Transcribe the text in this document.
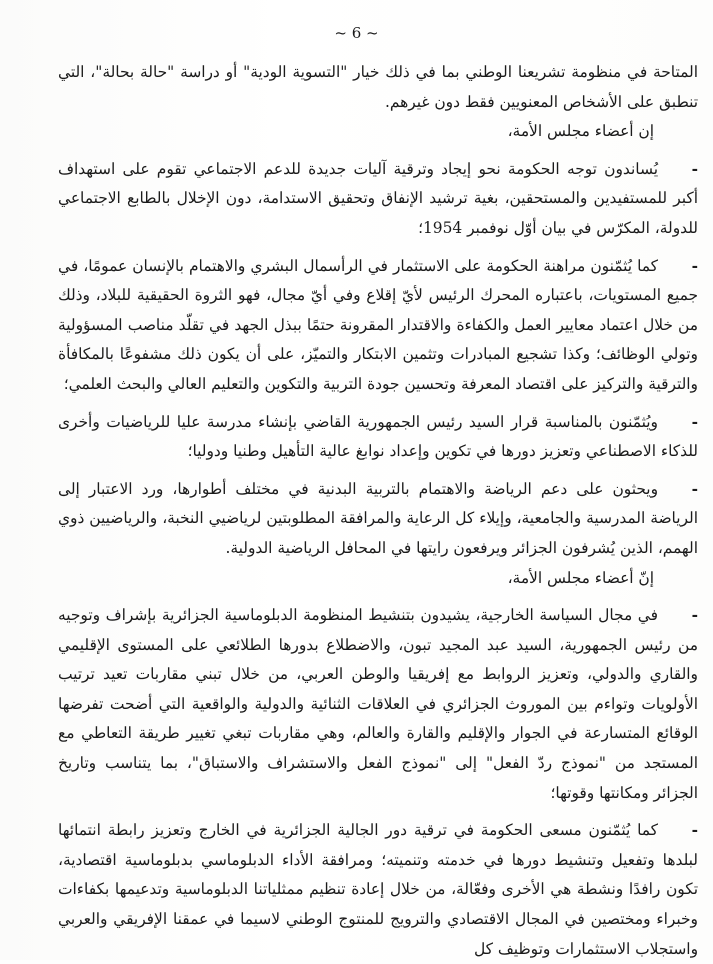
~ 6 ~

المتاحة في منظومة تشريعنا الوطني بما في ذلك خيار "التسوية الودية" أو دراسة "حالة بحالة"، التي تنطبق على الأشخاص المعنويين فقط دون غيرهم.

إن أعضاء مجلس الأمة،

-يُساندون توجه الحكومة نحو إيجاد وترقية آليات جديدة للدعم الاجتماعي تقوم على استهداف أكبر للمستفيدين والمستحقين، بغية ترشيد الإنفاق وتحقيق الاستدامة، دون الإخلال بالطابع الاجتماعي للدولة، المكرّس في بيان أوّل نوفمبر 1954؛

-كما يُثمّنون مراهنة الحكومة على الاستثمار في الرأسمال البشري والاهتمام بالإنسان عمومًا، في جميع المستويات، باعتباره المحرك الرئيس لأيّ إقلاع وفي أيّ مجال، فهو الثروة الحقيقية للبلاد، وذلك من خلال اعتماد معايير العمل والكفاءة والاقتدار المقرونة حتمًا ببذل الجهد في تقلّد مناصب المسؤولية وتولي الوظائف؛ وكذا تشجيع المبادرات وتثمين الابتكار والتميّز، على أن يكون ذلك مشفوعًا بالمكافأة والترقية والتركيز على اقتصاد المعرفة وتحسين جودة التربية والتكوين والتعليم العالي والبحث العلمي؛

-ويُثمّنون بالمناسبة قرار السيد رئيس الجمهورية القاضي بإنشاء مدرسة عليا للرياضيات وأخرى للذكاء الاصطناعي وتعزيز دورها في تكوين وإعداد نوابغ عالية التأهيل وطنيا ودوليا؛

-ويحثون على دعم الرياضة والاهتمام بالتربية البدنية في مختلف أطوارها، ورد الاعتبار إلى الرياضة المدرسية والجامعية، وإيلاء كل الرعاية والمرافقة المطلوبتين لرياضيي النخبة، والرياضيين ذوي الهمم، الذين يُشرفون الجزائر ويرفعون رايتها في المحافل الرياضية الدولية.

إنّ أعضاء مجلس الأمة،

-في مجال السياسة الخارجية، يشيدون بتنشيط المنظومة الدبلوماسية الجزائرية بإشراف وتوجيه من رئيس الجمهورية، السيد عبد المجيد تبون، والاضطلاع بدورها الطلائعي على المستوى الإقليمي والقاري والدولي، وتعزيز الروابط مع إفريقيا والوطن العربي، من خلال تبني مقاربات تعيد ترتيب الأولويات وتواءم بين الموروث الجزائري في العلاقات الثنائية والدولية والواقعية التي أضحت تفرضها الوقائع المتسارعة في الجوار والإقليم والقارة والعالم، وهي مقاربات تبغي تغيير طريقة التعاطي مع المستجد من "نموذج ردّ الفعل" إلى "نموذج الفعل والاستشراف والاستباق"، بما يتناسب وتاريخ الجزائر ومكانتها وقوتها؛

-كما يُثمّنون مسعى الحكومة في ترقية دور الجالية الجزائرية في الخارج وتعزيز رابطة انتمائها لبلدها وتفعيل وتنشيط دورها في خدمته وتنميته؛ ومرافقة الأداء الدبلوماسي بدبلوماسية اقتصادية، تكون رافدًا ونشطة هي الأخرى وفعّالة، من خلال إعادة تنظيم ممثلياتنا الدبلوماسية وتدعيمها بكفاءات وخبراء ومختصين في المجال الاقتصادي والترويج للمنتوج الوطني لاسيما في عمقنا الإفريقي والعربي واستجلاب الاستثمارات وتوظيف كل
